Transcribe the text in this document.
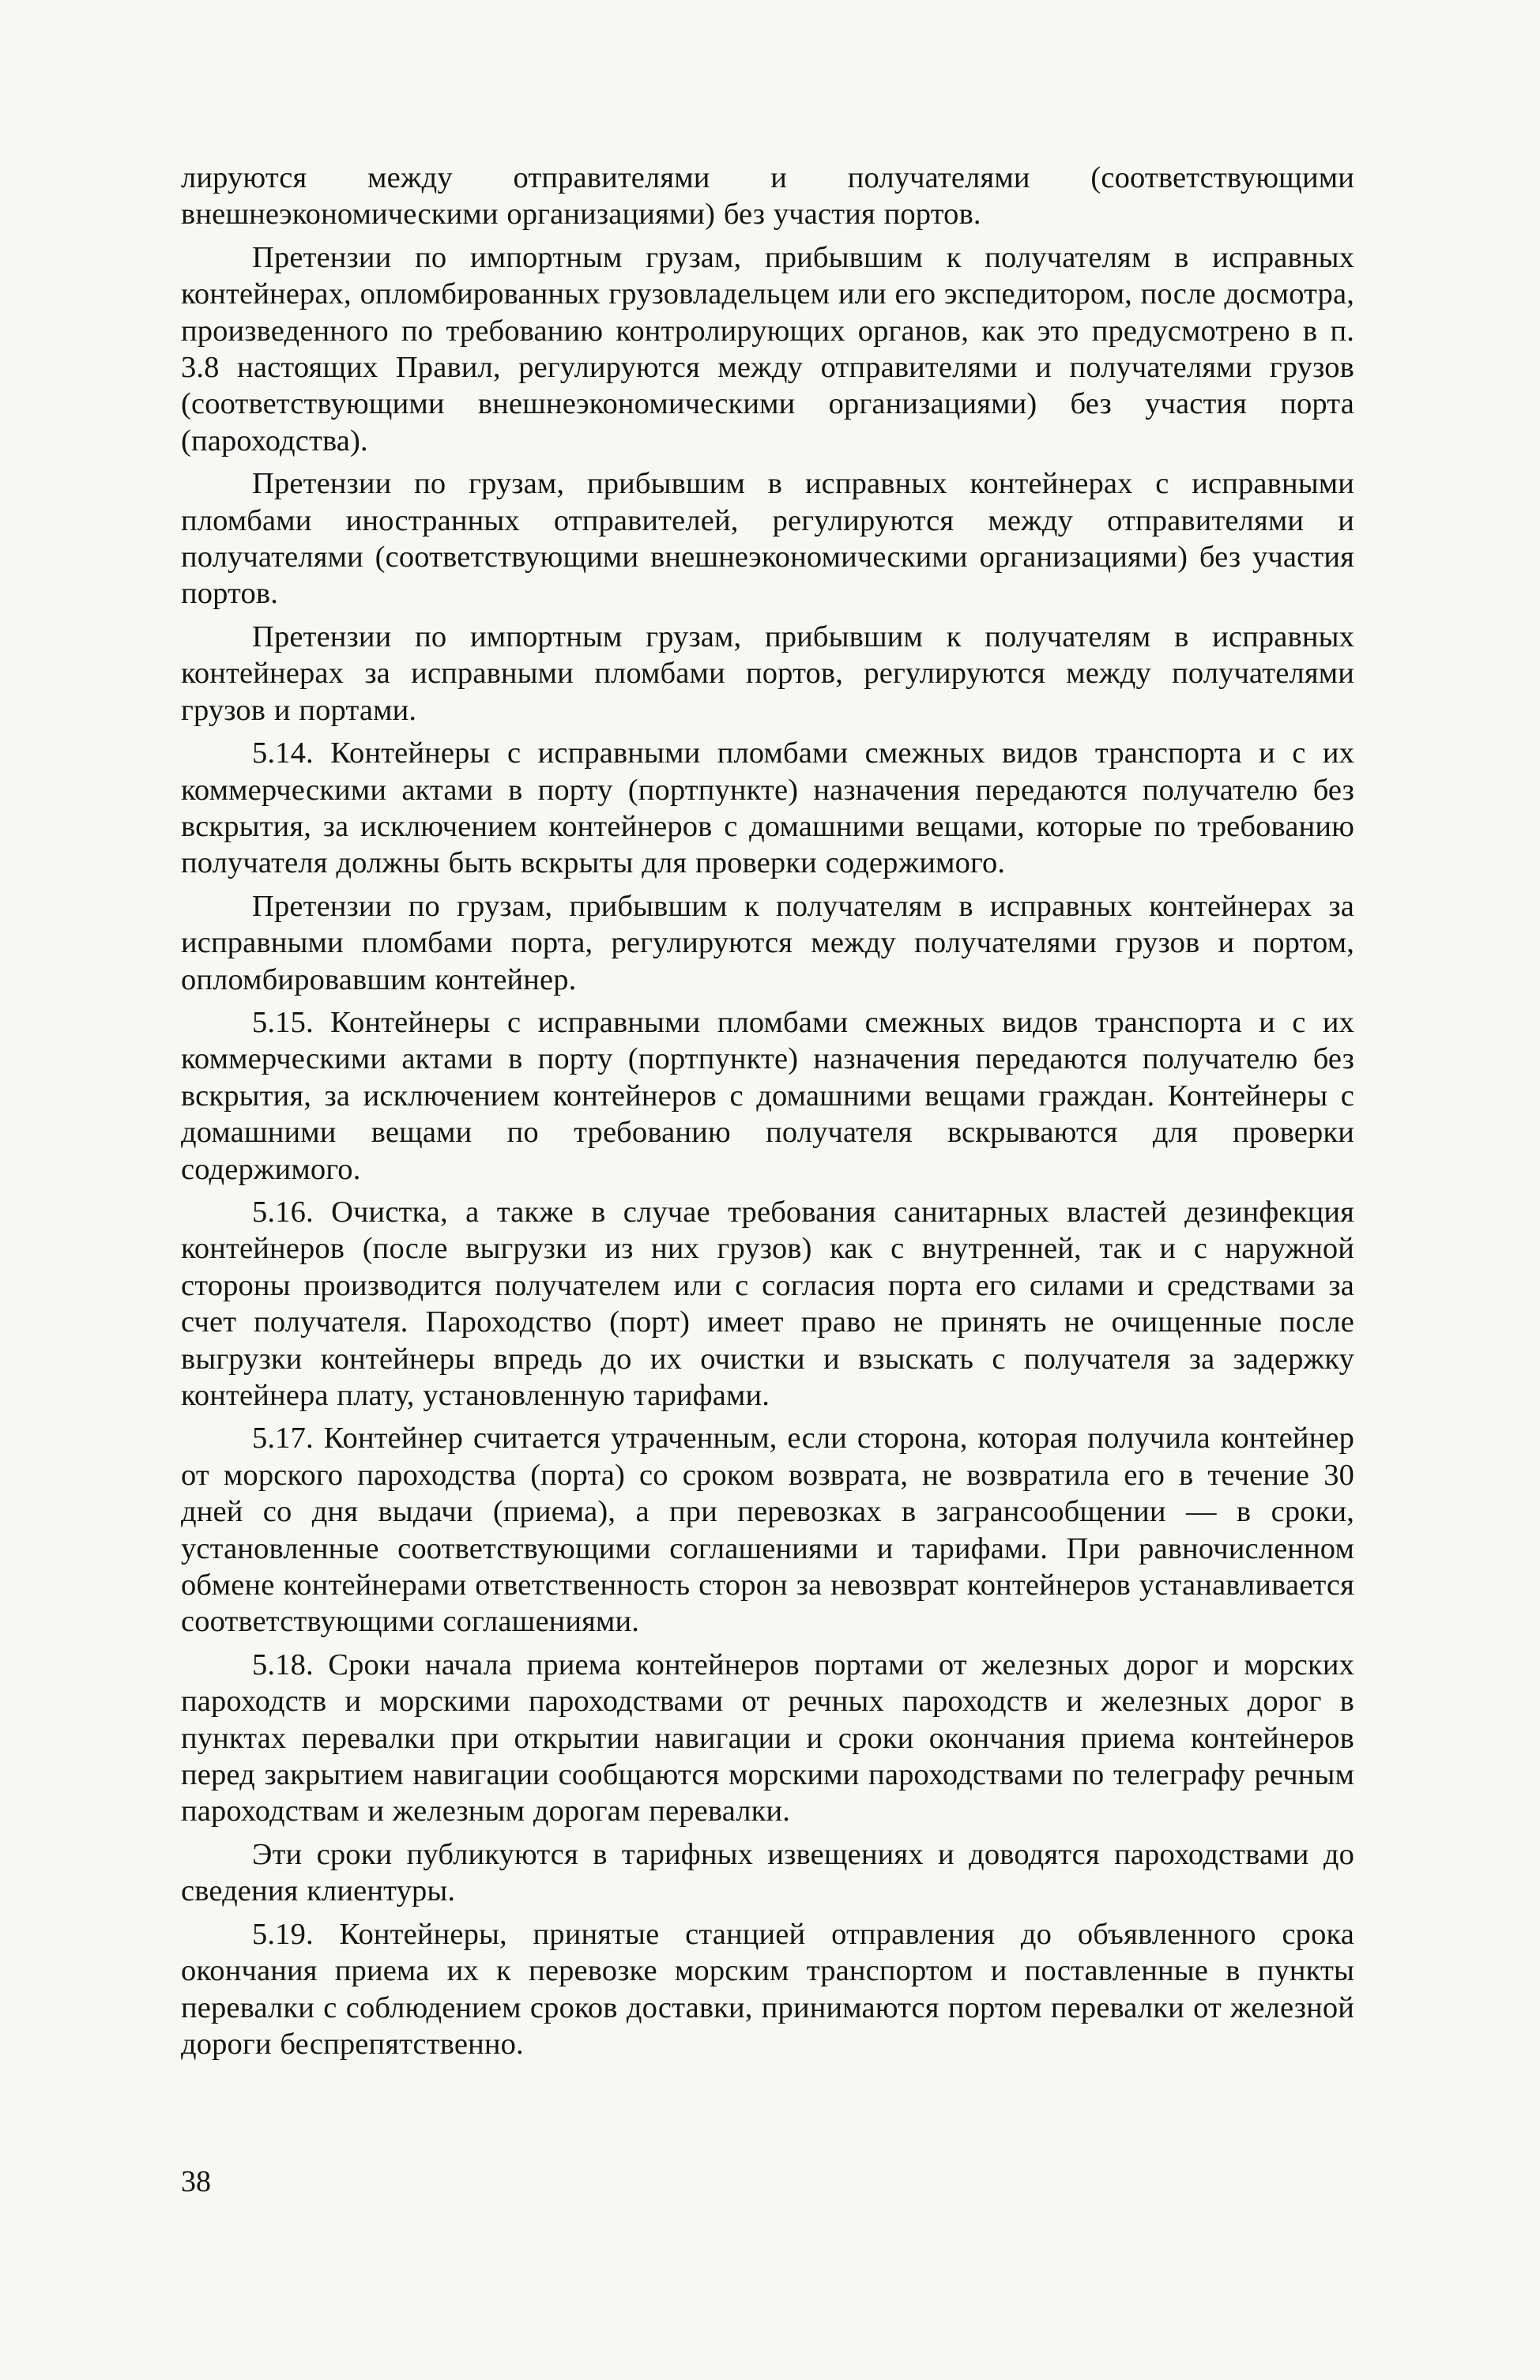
лируются между отправителями и получателями (соответствующими внешнеэкономическими организациями) без участия портов.

Претензии по импортным грузам, прибывшим к получателям в исправных контейнерах, опломбированных грузовладельцем или его экспедитором, после досмотра, произведенного по требованию контролирующих органов, как это предусмотрено в п. 3.8 настоящих Правил, регулируются между отправителями и получателями грузов (соответствующими внешнеэкономическими организациями) без участия порта (пароходства).

Претензии по грузам, прибывшим в исправных контейнерах с исправными пломбами иностранных отправителей, регулируются между отправителями и получателями (соответствующими внешнеэкономическими организациями) без участия портов.

Претензии по импортным грузам, прибывшим к получателям в исправных контейнерах за исправными пломбами портов, регулируются между получателями грузов и портами.

5.14. Контейнеры с исправными пломбами смежных видов транспорта и с их коммерческими актами в порту (портпункте) назначения передаются получателю без вскрытия, за исключением контейнеров с домашними вещами, которые по требованию получателя должны быть вскрыты для проверки содержимого.

Претензии по грузам, прибывшим к получателям в исправных контейнерах за исправными пломбами порта, регулируются между получателями грузов и портом, опломбировавшим контейнер.

5.15. Контейнеры с исправными пломбами смежных видов транспорта и с их коммерческими актами в порту (портпункте) назначения передаются получателю без вскрытия, за исключением контейнеров с домашними вещами граждан. Контейнеры с домашними вещами по требованию получателя вскрываются для проверки содержимого.

5.16. Очистка, а также в случае требования санитарных властей дезинфекция контейнеров (после выгрузки из них грузов) как с внутренней, так и с наружной стороны производится получателем или с согласия порта его силами и средствами за счет получателя. Пароходство (порт) имеет право не принять не очищенные после выгрузки контейнеры впредь до их очистки и взыскать с получателя за задержку контейнера плату, установленную тарифами.

5.17. Контейнер считается утраченным, если сторона, которая получила контейнер от морского пароходства (порта) со сроком возврата, не возвратила его в течение 30 дней со дня выдачи (приема), а при перевозках в загрансообщении — в сроки, установленные соответствующими соглашениями и тарифами. При равночисленном обмене контейнерами ответственность сторон за невозврат контейнеров устанавливается соответствующими соглашениями.

5.18. Сроки начала приема контейнеров портами от железных дорог и морских пароходств и морскими пароходствами от речных пароходств и железных дорог в пунктах перевалки при открытии навигации и сроки окончания приема контейнеров перед закрытием навигации сообщаются морскими пароходствами по телеграфу речным пароходствам и железным дорогам перевалки.

Эти сроки публикуются в тарифных извещениях и доводятся пароходствами до сведения клиентуры.

5.19. Контейнеры, принятые станцией отправления до объявленного срока окончания приема их к перевозке морским транспортом и поставленные в пункты перевалки с соблюдением сроков доставки, принимаются портом перевалки от железной дороги беспрепятственно.

38
